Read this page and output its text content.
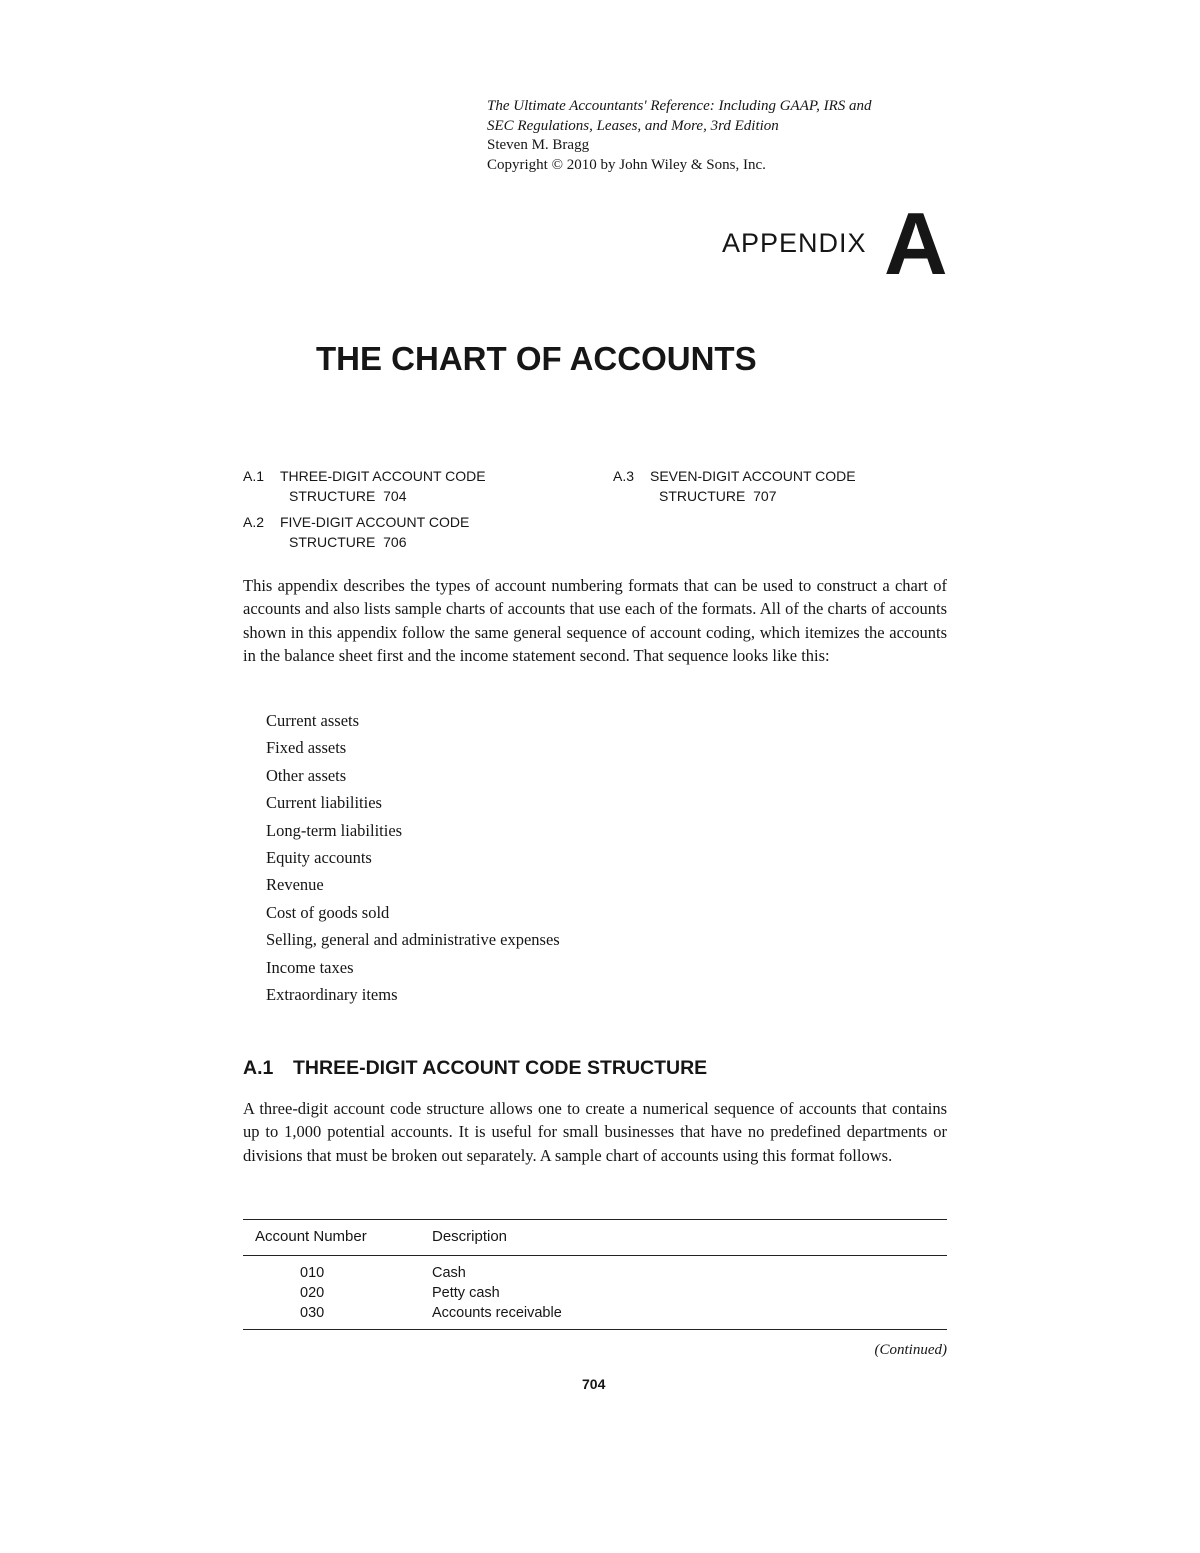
The Ultimate Accountants' Reference: Including GAAP, IRS and
SEC Regulations, Leases, and More, 3rd Edition
Steven M. Bragg
Copyright © 2010 by John Wiley & Sons, Inc.
APPENDIX A
THE CHART OF ACCOUNTS
A.1 THREE-DIGIT ACCOUNT CODE
STRUCTURE 704
A.2 FIVE-DIGIT ACCOUNT CODE
STRUCTURE 706
A.3 SEVEN-DIGIT ACCOUNT CODE
STRUCTURE 707

This appendix describes the types of account numbering formats that can be used to construct a chart of accounts and also lists sample charts of accounts that use each of the formats. All of the charts of accounts shown in this appendix follow the same general sequence of account coding, which itemizes the accounts in the balance sheet first and the income statement second. That sequence looks like this:

Current assets
Fixed assets
Other assets
Current liabilities
Long-term liabilities
Equity accounts
Revenue
Cost of goods sold
Selling, general and administrative expenses
Income taxes
Extraordinary items
A.1 THREE-DIGIT ACCOUNT CODE STRUCTURE

A three-digit account code structure allows one to create a numerical sequence of accounts that contains up to 1,000 potential accounts. It is useful for small businesses that have no predefined departments or divisions that must be broken out separately. A sample chart of accounts using this format follows.

Account Number	Description
010	Cash
020	Petty cash
030	Accounts receivable
(Continued)
704
